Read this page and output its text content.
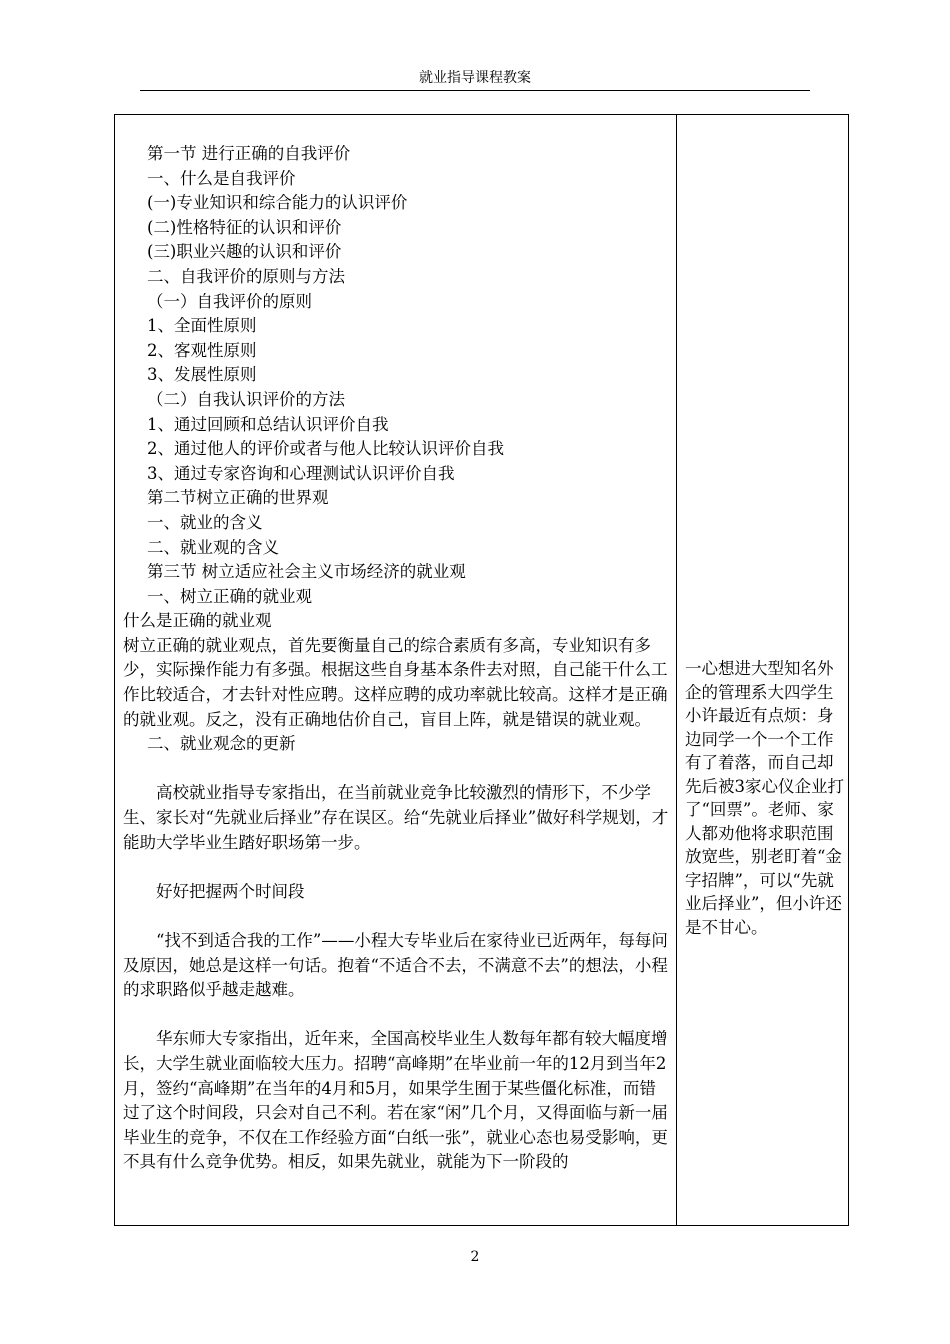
就业指导课程教案
第一节 进行正确的自我评价
一、什么是自我评价
(一)专业知识和综合能力的认识评价
(二)性格特征的认识和评价
(三)职业兴趣的认识和评价
二、自我评价的原则与方法
（一）自我评价的原则
1、全面性原则
2、客观性原则
3、发展性原则
（二）自我认识评价的方法
1、通过回顾和总结认识评价自我
2、通过他人的评价或者与他人比较认识评价自我
3、通过专家咨询和心理测试认识评价自我
第二节树立正确的世界观
一、就业的含义
二、就业观的含义
第三节 树立适应社会主义市场经济的就业观
一、树立正确的就业观
什么是正确的就业观
树立正确的就业观点，首先要衡量自己的综合素质有多高，专业知识有多少，实际操作能力有多强。根据这些自身基本条件去对照，自己能干什么工作比较适合，才去针对性应聘。这样应聘的成功率就比较高。这样才是正确的就业观。反之，没有正确地估价自己，盲目上阵，就是错误的就业观。
二、就业观念的更新
高校就业指导专家指出，在当前就业竞争比较激烈的情形下，不少学生、家长对“先就业后择业”存在误区。给“先就业后择业”做好科学规划，才能助大学毕业生踏好职场第一步。
好好把握两个时间段
“找不到适合我的工作”——小程大专毕业后在家待业已近两年，每每问及原因，她总是这样一句话。抱着“不适合不去，不满意不去”的想法，小程的求职路似乎越走越难。
华东师大专家指出，近年来，全国高校毕业生人数每年都有较大幅度增长，大学生就业面临较大压力。招聘“高峰期”在毕业前一年的12月到当年2月，签约“高峰期”在当年的4月和5月，如果学生囿于某些僵化标准，而错过了这个时间段，只会对自己不利。若在家“闲”几个月，又得面临与新一届毕业生的竞争，不仅在工作经验方面“白纸一张”，就业心态也易受影响，更不具有什么竞争优势。相反，如果先就业，就能为下一阶段的
一心想进大型知名外企的管理系大四学生小许最近有点烦：身边同学一个一个工作有了着落，而自己却先后被3家心仪企业打了“回票”。老师、家人都劝他将求职范围放宽些，别老盯着“金字招牌”，可以“先就业后择业”，但小许还是不甘心。
2
